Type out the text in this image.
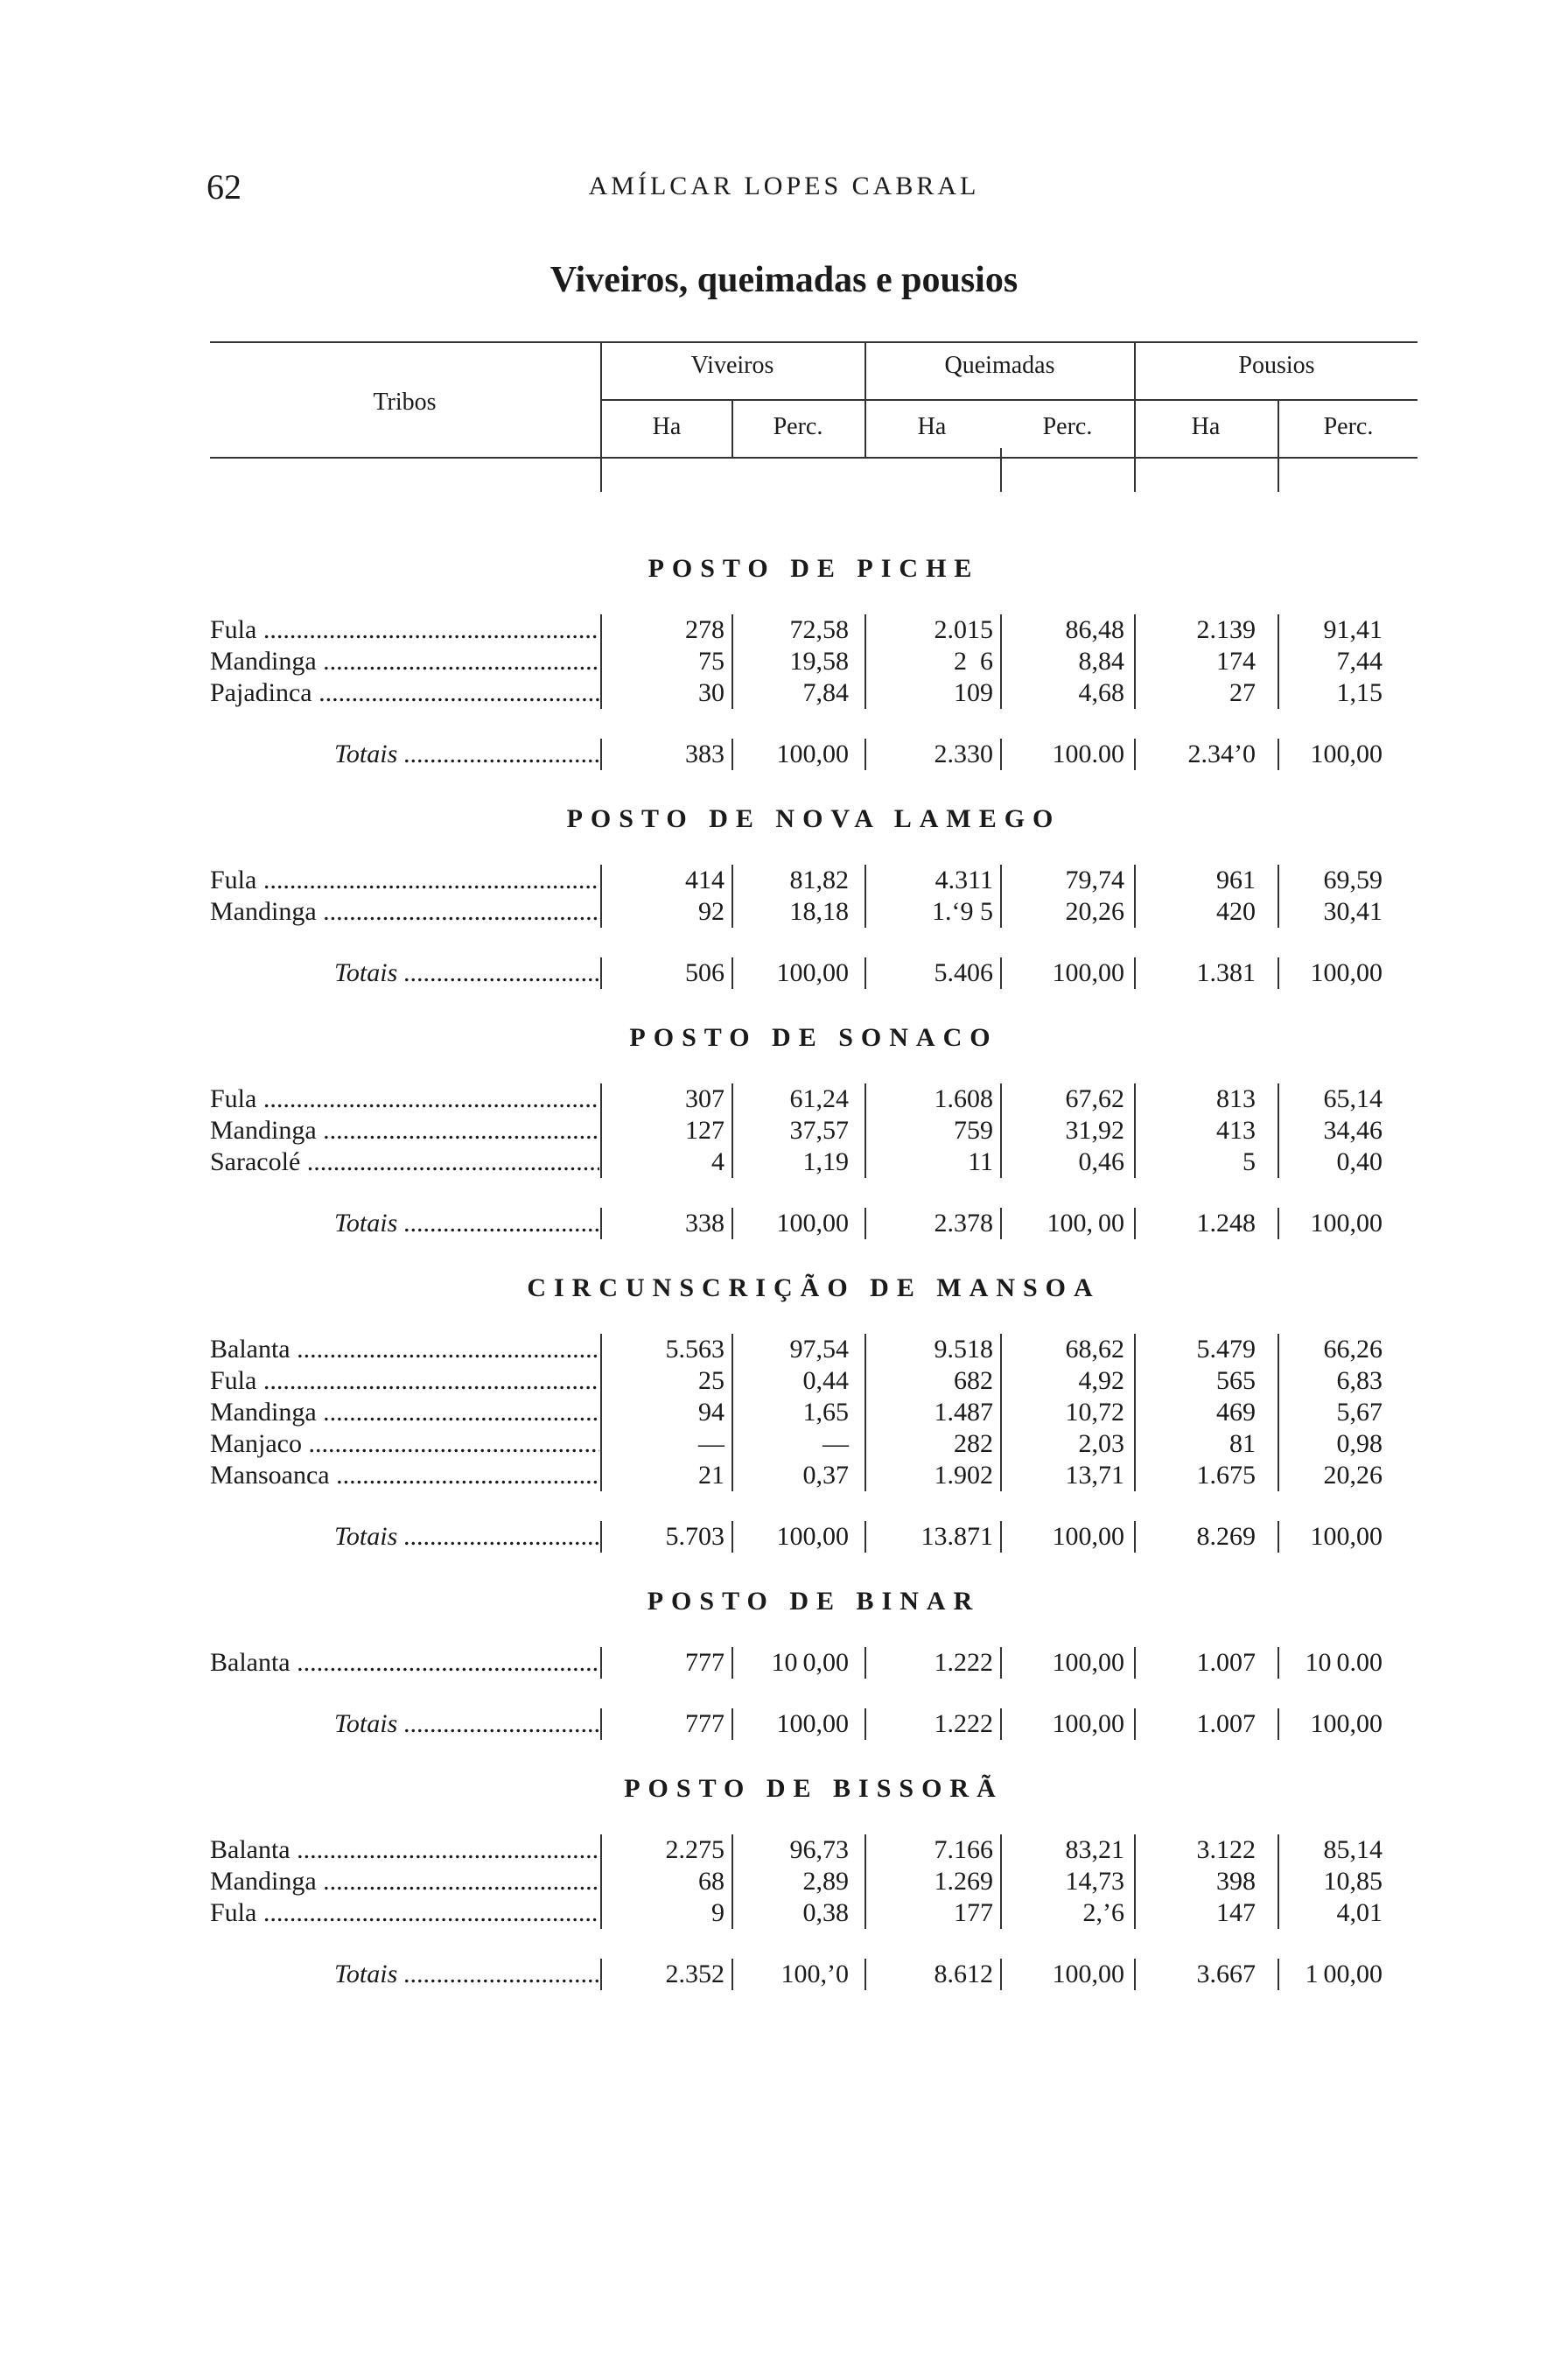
62	AMÍLCAR LOPES CABRAL
Viveiros, queimadas e pousios
Tribos
Viveiros	Queimadas	Pousios
Ha	Perc.	Ha	Perc.	Ha	Perc.
POSTO DE PICHE
Fula .....	278	72,58	2.015	86,48	2.139	91,41
Mandinga .....	75	19,58	2 6	8,84	174	7,44
Pajadinca .....	30	7,84	109	4,68	27	1,15
Totais .....	383	100,00	2.330	100.00	2.34’0	100,00
POSTO DE NOVA LAMEGO
Fula .....	414	81,82	4.311	79,74	961	69,59
Mandinga .....	92	18,18	1.‘9 5	20,26	420	30,41
Totais .....	506	100,00	5.406	100,00	1.381	100,00
POSTO DE SONACO
Fula .....	307	61,24	1.608	67,62	813	65,14
Mandinga .....	127	37,57	759	31,92	413	34,46
Saracolé .....	4	1,19	11	0,46	5	0,40
Totais .....	338	100,00	2.378	100, 00	1.248	100,00
CIRCUNSCRIÇÃO DE MANSOA
Balanta .....	5.563	97,54	9.518	68,62	5.479	66,26
Fula .....	25	0,44	682	4,92	565	6,83
Mandinga .....	94	1,65	1.487	10,72	469	5,67
Manjaco .....	—	—	282	2,03	81	0,98
Mansoanca .....	21	0,37	1.902	13,71	1.675	20,26
Totais .....	5.703	100,00	13.871	100,00	8.269	100,00
POSTO DE BINAR
Balanta .....	777	10 0,00	1.222	100,00	1.007	10 0.00
Totais .....	777	100,00	1.222	100,00	1.007	100,00
POSTO DE BISSORÃ
Balanta .....	2.275	96,73	7.166	83,21	3.122	85,14
Mandinga .....	68	2,89	1.269	14,73	398	10,85
Fula .....	9	0,38	177	2,’6	147	4,01
Totais .....	2.352	100,’0	8.612	100,00	3.667	1 00,00
